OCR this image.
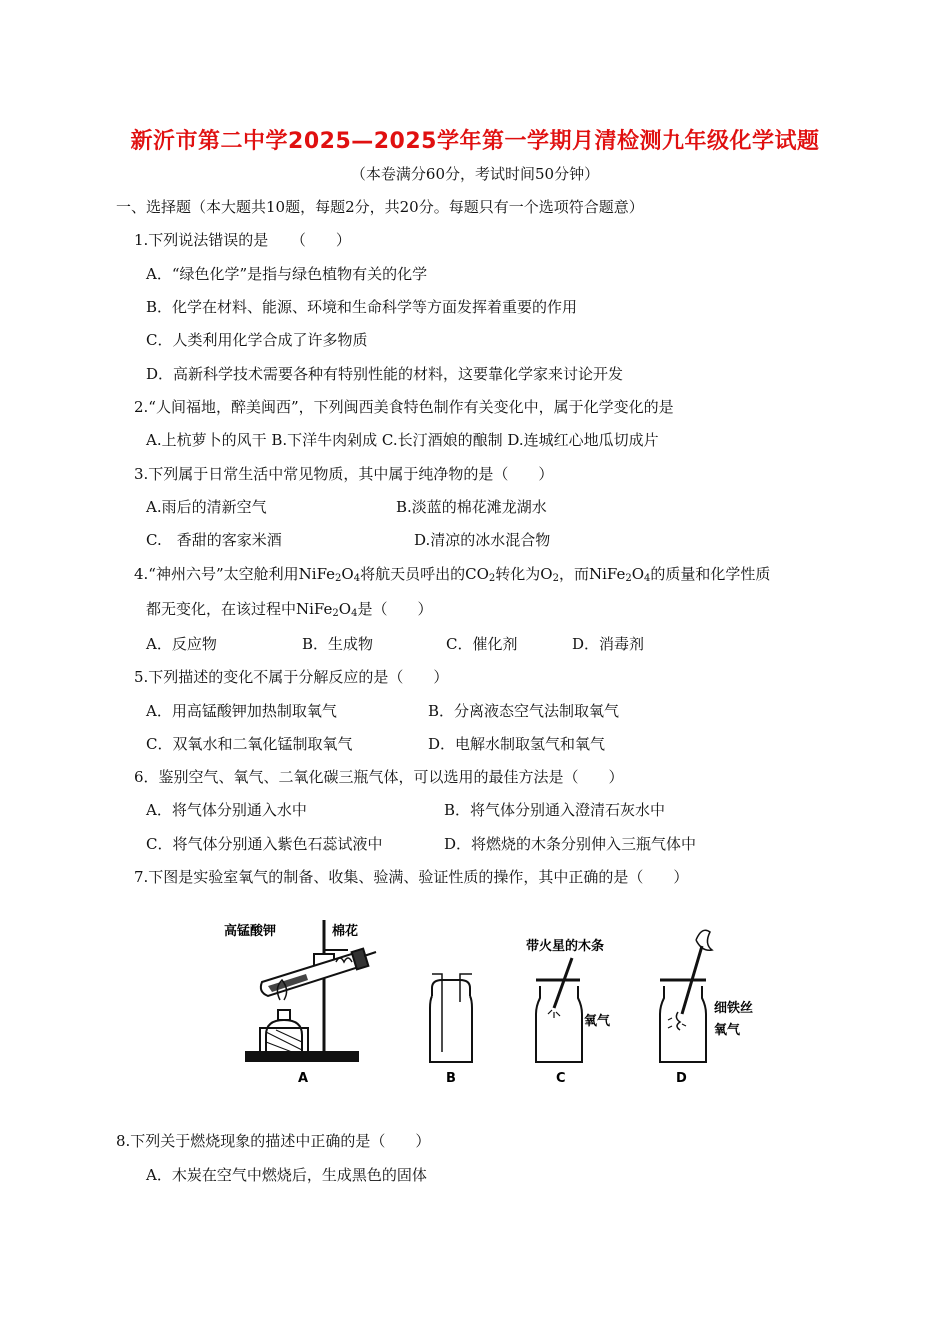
新沂市第二中学2025—2025学年第一学期月清检测九年级化学试题
（本卷满分60分，考试时间50分钟）
一、选择题（本大题共10题，每题2分，共20分。每题只有一个选项符合题意）
1.下列说法错误的是　　（　　）
A．“绿色化学”是指与绿色植物有关的化学
B．化学在材料、能源、环境和生命科学等方面发挥着重要的作用
C．人类利用化学合成了许多物质
D．高新科学技术需要各种有特别性能的材料，这要靠化学家来讨论开发
2.“人间福地，醉美闽西”，下列闽西美食特色制作有关变化中，属于化学变化的是
A.上杭萝卜的风干 B.下洋牛肉剁成 C.长汀酒娘的酿制 D.连城红心地瓜切成片
3.下列属于日常生活中常见物质，其中属于纯净物的是（　　）
A.雨后的清新空气	B.淡蓝的棉花滩龙湖水
C.　香甜的客家米酒	D.清凉的冰水混合物
4.“神州六号”太空舱利用$NiFe_2O_4$将航天员呼出的$CO_2$转化为$O_2$，而$NiFe_2O_4$的质量和化学性质
都无变化，在该过程中$NiFe_2O_4$是（　　）
A．反应物	B．生成物	C．催化剂	D．消毒剂
5.下列描述的变化不属于分解反应的是（　　）
A．用高锰酸钾加热制取氧气	B．分离液态空气法制取氧气
C．双氧水和二氧化锰制取氧气	D．电解水制取氢气和氧气
6．鉴别空气、氧气、二氧化碳三瓶气体，可以选用的最佳方法是（　　）
A．将气体分别通入水中	B．将气体分别通入澄清石灰水中
C．将气体分别通入紫色石蕊试液中	D．将燃烧的木条分别伸入三瓶气体中
7.下图是实验室氧气的制备、收集、验满、验证性质的操作，其中正确的是（　　）
高锰酸钾	棉花
带火星的木条
氧气
细铁丝
氧气
A	B	C	D
8.下列关于燃烧现象的描述中正确的是（　　）
A．木炭在空气中燃烧后，生成黑色的固体
